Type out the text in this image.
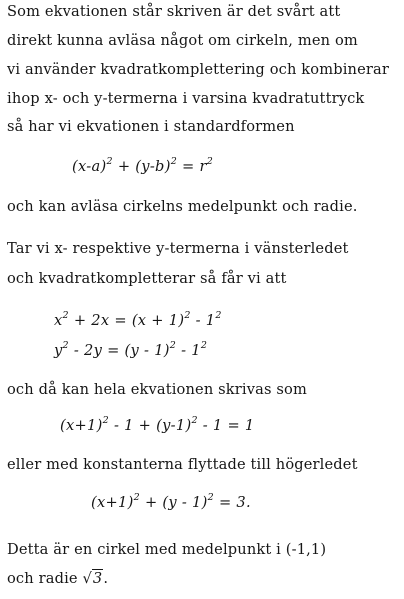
Som ekvationen står skriven är det svårt att
direkt kunna avläsa något om cirkeln, men om
vi använder kvadratkomplettering och kombinerar
ihop x- och y-termerna i varsina kvadratuttryck
så har vi ekvationen i standardformen
$(x-a)^2 + (y-b)^2 = r^2$
och kan avläsa cirkelns medelpunkt och radie.
Tar vi x- respektive y-termerna i vänsterledet
och kvadratkompletterar så får vi att
$x^2 + 2x = (x + 1)^2 - 1^2$
$y^2 - 2y = (y - 1)^2 - 1^2$
och då kan hela ekvationen skrivas som
$(x+1)^2 - 1 + (y-1)^2 - 1 = 1$
eller med konstanterna flyttade till högerledet
$(x+1)^2 + (y - 1)^2 = 3$.
Detta är en cirkel med medelpunkt i (-1,1)
och radie √3.
